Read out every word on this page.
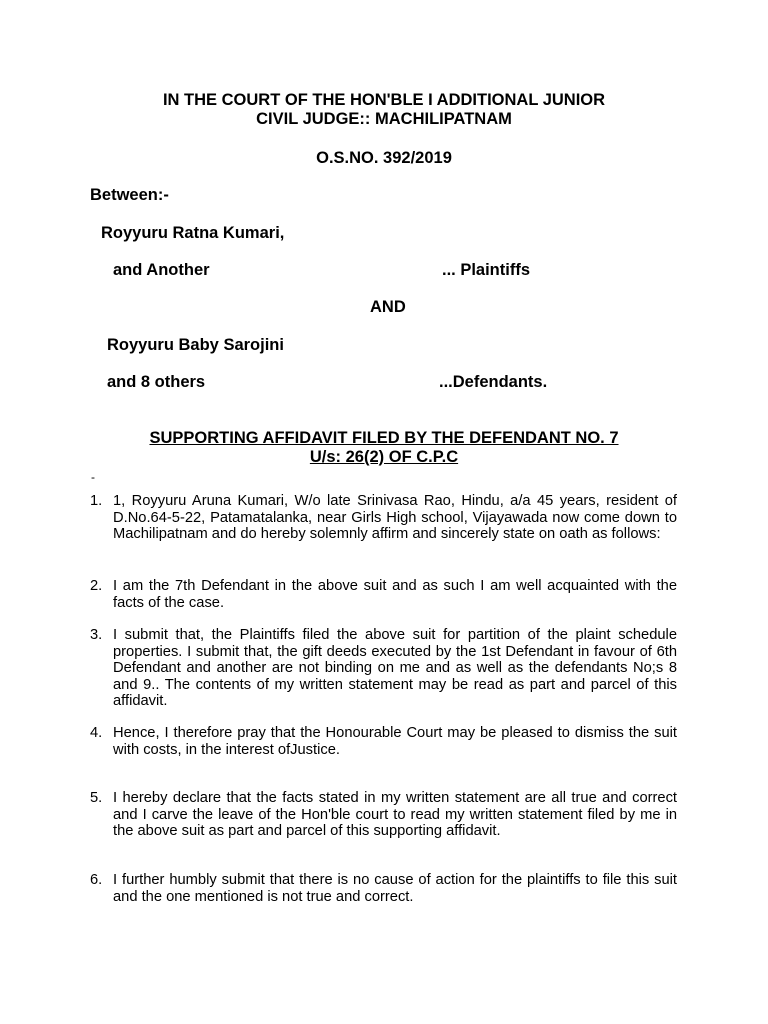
IN THE COURT OF THE HON'BLE I ADDITIONAL JUNIOR
CIVIL JUDGE:: MACHILIPATNAM
O.S.NO. 392/2019
Between:-
Royyuru Ratna Kumari,
and Another	... Plaintiffs
AND
Royyuru Baby Sarojini
and 8 others	...Defendants.
SUPPORTING AFFIDAVIT FILED BY THE DEFENDANT NO. 7
U/s: 26(2) OF C.P.C
-
1. 1, Royyuru Aruna Kumari, W/o late Srinivasa Rao, Hindu, a/a 45 years, resident of D.No.64-5-22, Patamatalanka, near Girls High school, Vijayawada now come down to Machilipatnam and do hereby solemnly affirm and sincerely state on oath as follows:
2. I am the 7th Defendant in the above suit and as such I am well acquainted with the facts of the case.
3. I submit that, the Plaintiffs filed the above suit for partition of the plaint schedule properties. I submit that, the gift deeds executed by the 1st Defendant in favour of 6th Defendant and another are not binding on me and as well as the defendants No;s 8 and 9.. The contents of my written statement may be read as part and parcel of this affidavit.
4. Hence, I therefore pray that the Honourable Court may be pleased to dismiss the suit with costs, in the interest ofJustice.
5. I hereby declare that the facts stated in my written statement are all true and correct and I carve the leave of the Hon'ble court to read my written statement filed by me in the above suit as part and parcel of this supporting affidavit.
6. I further humbly submit that there is no cause of action for the plaintiffs to file this suit and the one mentioned is not true and correct.
